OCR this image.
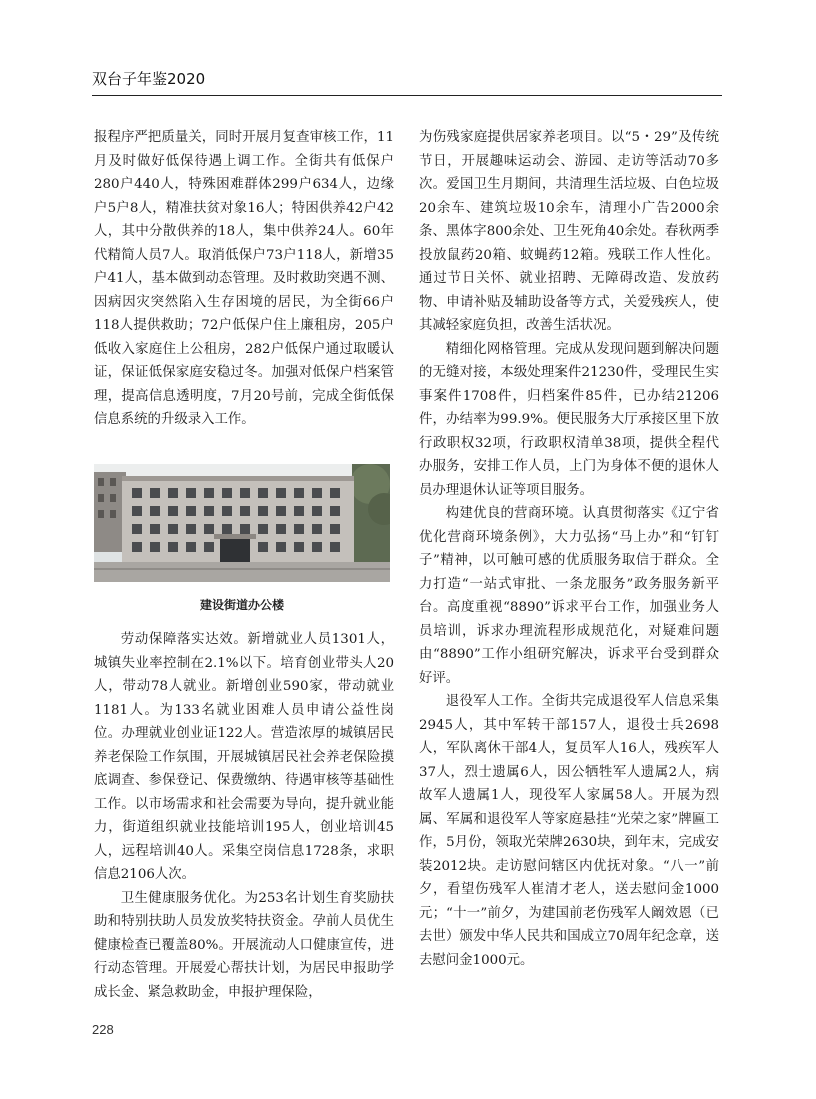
双台子年鉴2020

报程序严把质量关，同时开展月复查审核工作，11月及时做好低保待遇上调工作。全街共有低保户280户440人，特殊困难群体299户634人，边缘户5户8人，精准扶贫对象16人；特困供养42户42人，其中分散供养的18人，集中供养24人。60年代精简人员7人。取消低保户73户118人，新增35户41人，基本做到动态管理。及时救助突遇不测、因病因灾突然陷入生存困境的居民，为全街66户118人提供救助；72户低保户住上廉租房，205户低收入家庭住上公租房，282户低保户通过取暖认证，保证低保家庭安稳过冬。加强对低保户档案管理，提高信息透明度，7月20号前，完成全街低保信息系统的升级录入工作。

建设街道办公楼

劳动保障落实达效。新增就业人员1301人，城镇失业率控制在2.1%以下。培育创业带头人20人，带动78人就业。新增创业590家，带动就业1181人。为133名就业困难人员申请公益性岗位。办理就业创业证122人。营造浓厚的城镇居民养老保险工作氛围，开展城镇居民社会养老保险摸底调查、参保登记、保费缴纳、待遇审核等基础性工作。以市场需求和社会需要为导向，提升就业能力，街道组织就业技能培训195人，创业培训45人，远程培训40人。采集空岗信息1728条，求职信息2106人次。

卫生健康服务优化。为253名计划生育奖励扶助和特别扶助人员发放奖特扶资金。孕前人员优生健康检查已覆盖80%。开展流动人口健康宣传，进行动态管理。开展爱心帮扶计划，为居民申报助学成长金、紧急救助金，申报护理保险，

为伤残家庭提供居家养老项目。以“5・29”及传统节日，开展趣味运动会、游园、走访等活动70多次。爱国卫生月期间，共清理生活垃圾、白色垃圾20余车、建筑垃圾10余车，清理小广告2000余条、黑体字800余处、卫生死角40余处。春秋两季投放鼠药20箱、蚊蝇药12箱。残联工作人性化。通过节日关怀、就业招聘、无障碍改造、发放药物、申请补贴及辅助设备等方式，关爱残疾人，使其减轻家庭负担，改善生活状况。

精细化网格管理。完成从发现问题到解决问题的无缝对接，本级处理案件21230件，受理民生实事案件1708件，归档案件85件，已办结21206件，办结率为99.9%。便民服务大厅承接区里下放行政职权32项，行政职权清单38项，提供全程代办服务，安排工作人员，上门为身体不便的退休人员办理退休认证等项目服务。

构建优良的营商环境。认真贯彻落实《辽宁省优化营商环境条例》，大力弘扬“马上办”和“钉钉子”精神，以可触可感的优质服务取信于群众。全力打造“一站式审批、一条龙服务”政务服务新平台。高度重视“8890”诉求平台工作，加强业务人员培训，诉求办理流程形成规范化，对疑难问题由“8890”工作小组研究解决，诉求平台受到群众好评。

退役军人工作。全街共完成退役军人信息采集2945人，其中军转干部157人，退役士兵2698人，军队离休干部4人，复员军人16人，残疾军人37人，烈士遗属6人，因公牺牲军人遗属2人，病故军人遗属1人，现役军人家属58人。开展为烈属、军属和退役军人等家庭悬挂“光荣之家”牌匾工作，5月份，领取光荣牌2630块，到年末，完成安装2012块。走访慰问辖区内优抚对象。“八一”前夕，看望伤残军人崔清才老人，送去慰问金1000元；“十一”前夕，为建国前老伤残军人阚效恩（已去世）颁发中华人民共和国成立70周年纪念章，送去慰问金1000元。

228
